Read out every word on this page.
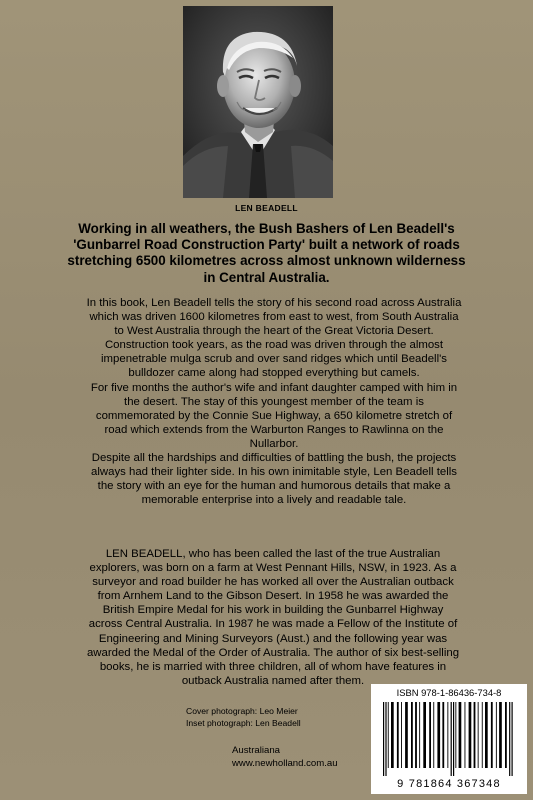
LEN BEADELL
Working in all weathers, the Bush Bashers of Len Beadell's 'Gunbarrel Road Construction Party' built a network of roads stretching 6500 kilometres across almost unknown wilderness in Central Australia.

In this book, Len Beadell tells the story of his second road across Australia which was driven 1600 kilometres from east to west, from South Australia to West Australia through the heart of the Great Victoria Desert. Construction took years, as the road was driven through the almost impenetrable mulga scrub and over sand ridges which until Beadell's bulldozer came along had stopped everything but camels.

For five months the author's wife and infant daughter camped with him in the desert. The stay of this youngest member of the team is commemorated by the Connie Sue Highway, a 650 kilometre stretch of road which extends from the Warburton Ranges to Rawlinna on the Nullarbor.

Despite all the hardships and difficulties of battling the bush, the projects always had their lighter side. In his own inimitable style, Len Beadell tells the story with an eye for the human and humorous details that make a memorable enterprise into a lively and readable tale.

LEN BEADELL, who has been called the last of the true Australian explorers, was born on a farm at West Pennant Hills, NSW, in 1923. As a surveyor and road builder he has worked all over the Australian outback from Arnhem Land to the Gibson Desert. In 1958 he was awarded the British Empire Medal for his work in building the Gunbarrel Highway across Central Australia. In 1987 he was made a Fellow of the Institute of Engineering and Mining Surveyors (Aust.) and the following year was awarded the Medal of the Order of Australia. The author of six best-selling books, he is married with three children, all of whom have features in outback Australia named after them.
Cover photograph: Leo Meier
Inset photograph: Len Beadell
Australiana
www.newholland.com.au
ISBN 978-1-86436-734-8
9 781864 367348
